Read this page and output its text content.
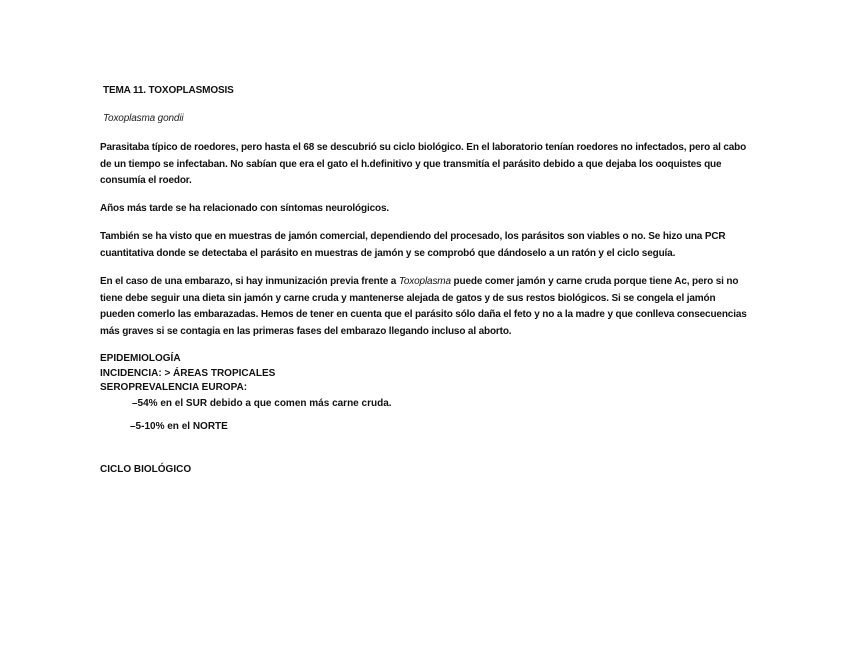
TEMA 11. TOXOPLASMOSIS

Toxoplasma gondii

Parasitaba típico de roedores, pero hasta el 68 se descubrió su ciclo biológico. En el laboratorio tenían roedores no infectados, pero al cabo de un tiempo se infectaban. No sabían que era el gato el h.definitivo y que transmitía el parásito debido a que dejaba los ooquistes que consumía el roedor.

Años más tarde se ha relacionado con síntomas neurológicos.

También se ha visto que en muestras de jamón comercial, dependiendo del procesado, los parásitos son viables o no. Se hizo una PCR cuantitativa donde se detectaba el parásito en muestras de jamón y se comprobó que dándoselo a un ratón y el ciclo seguía.

En el caso de una embarazo, si hay inmunización previa frente a Toxoplasma puede comer jamón y carne cruda porque tiene Ac, pero si no tiene debe seguir una dieta sin jamón y carne cruda y mantenerse alejada de gatos y de sus restos biológicos. Si se congela el jamón pueden comerlo las embarazadas. Hemos de tener en cuenta que el parásito sólo daña el feto y no a la madre y que conlleva consecuencias más graves si se contagia en las primeras fases del embarazo llegando incluso al aborto.

EPIDEMIOLOGÍA

INCIDENCIA: > ÁREAS TROPICALES

SEROPREVALENCIA EUROPA:

–54% en el SUR debido a que comen más carne cruda.

–5-10% en el NORTE

CICLO BIOLÓGICO
